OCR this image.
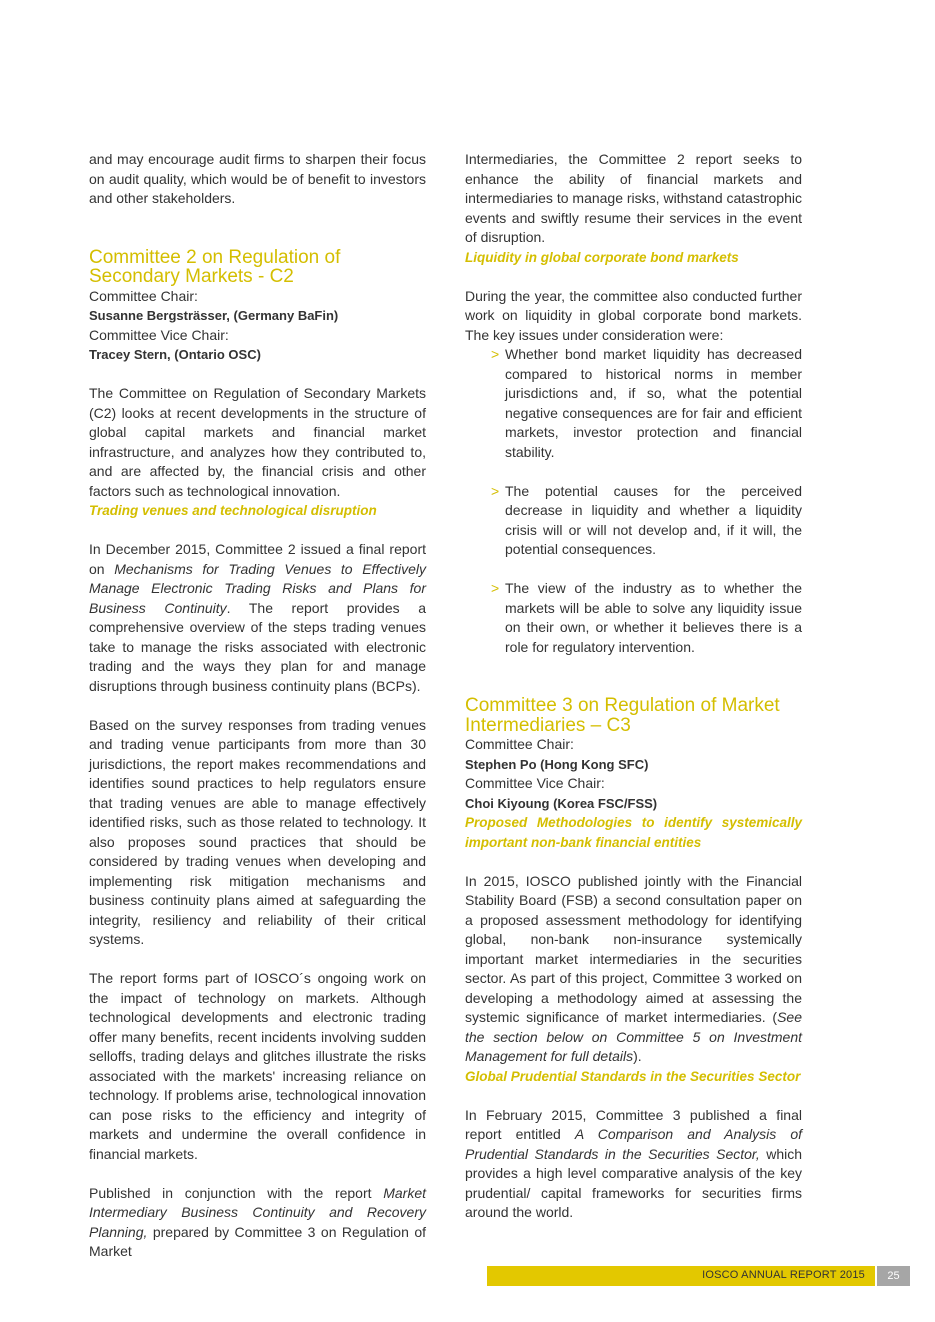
and may encourage audit firms to sharpen their focus on audit quality, which would be of benefit to investors and other stakeholders.

Committee 2 on Regulation of Secondary Markets - C2

Committee Chair:

Susanne Bergsträsser, (Germany BaFin)

Committee Vice Chair:

Tracey Stern, (Ontario OSC)

The Committee on Regulation of Secondary Markets (C2) looks at recent developments in the structure of global capital markets and financial market infrastructure, and analyzes how they contributed to, and are affected by, the financial crisis and other factors such as technological innovation.

Trading venues and technological disruption

In December 2015, Committee 2 issued a final report on Mechanisms for Trading Venues to Effectively Manage Electronic Trading Risks and Plans for Business Continuity. The report provides a comprehensive overview of the steps trading venues take to manage the risks associated with electronic trading and the ways they plan for and manage disruptions through business continuity plans (BCPs).

Based on the survey responses from trading venues and trading venue participants from more than 30 jurisdictions, the report makes recommendations and identifies sound practices to help regulators ensure that trading venues are able to manage effectively identified risks, such as those related to technology. It also proposes sound practices that should be considered by trading venues when developing and implementing risk mitigation mechanisms and business continuity plans aimed at safeguarding the integrity, resiliency and reliability of their critical systems.

The report forms part of IOSCO´s ongoing work on the impact of technology on markets. Although technological developments and electronic trading offer many benefits, recent incidents involving sudden selloffs, trading delays and glitches illustrate the risks associated with the markets' increasing reliance on technology. If problems arise, technological innovation can pose risks to the efficiency and integrity of markets and undermine the overall confidence in financial markets.

Published in conjunction with the report Market Intermediary Business Continuity and Recovery Planning, prepared by Committee 3 on Regulation of Market

Intermediaries, the Committee 2 report seeks to enhance the ability of financial markets and intermediaries to manage risks, withstand catastrophic events and swiftly resume their services in the event of disruption.

Liquidity in global corporate bond markets

During the year, the committee also conducted further work on liquidity in global corporate bond markets. The key issues under consideration were:

> Whether bond market liquidity has decreased compared to historical norms in member jurisdictions and, if so, what the potential negative consequences are for fair and efficient markets, investor protection and financial stability.
> The potential causes for the perceived decrease in liquidity and whether a liquidity crisis will or will not develop and, if it will, the potential consequences.
> The view of the industry as to whether the markets will be able to solve any liquidity issue on their own, or whether it believes there is a role for regulatory intervention.
Committee 3 on Regulation of Market Intermediaries – C3

Committee Chair:

Stephen Po (Hong Kong SFC)

Committee Vice Chair:

Choi Kiyoung (Korea FSC/FSS)

Proposed Methodologies to identify systemically important non-bank financial entities

In 2015, IOSCO published jointly with the Financial Stability Board (FSB) a second consultation paper on a proposed assessment methodology for identifying global, non-bank non-insurance systemically important market intermediaries in the securities sector. As part of this project, Committee 3 worked on developing a methodology aimed at assessing the systemic significance of market intermediaries. (See the section below on Committee 5 on Investment Management for full details).

Global Prudential Standards in the Securities Sector

In February 2015, Committee 3 published a final report entitled A Comparison and Analysis of Prudential Standards in the Securities Sector, which provides a high level comparative analysis of the key prudential/ capital frameworks for securities firms around the world.

IOSCO ANNUAL REPORT 2015	25
